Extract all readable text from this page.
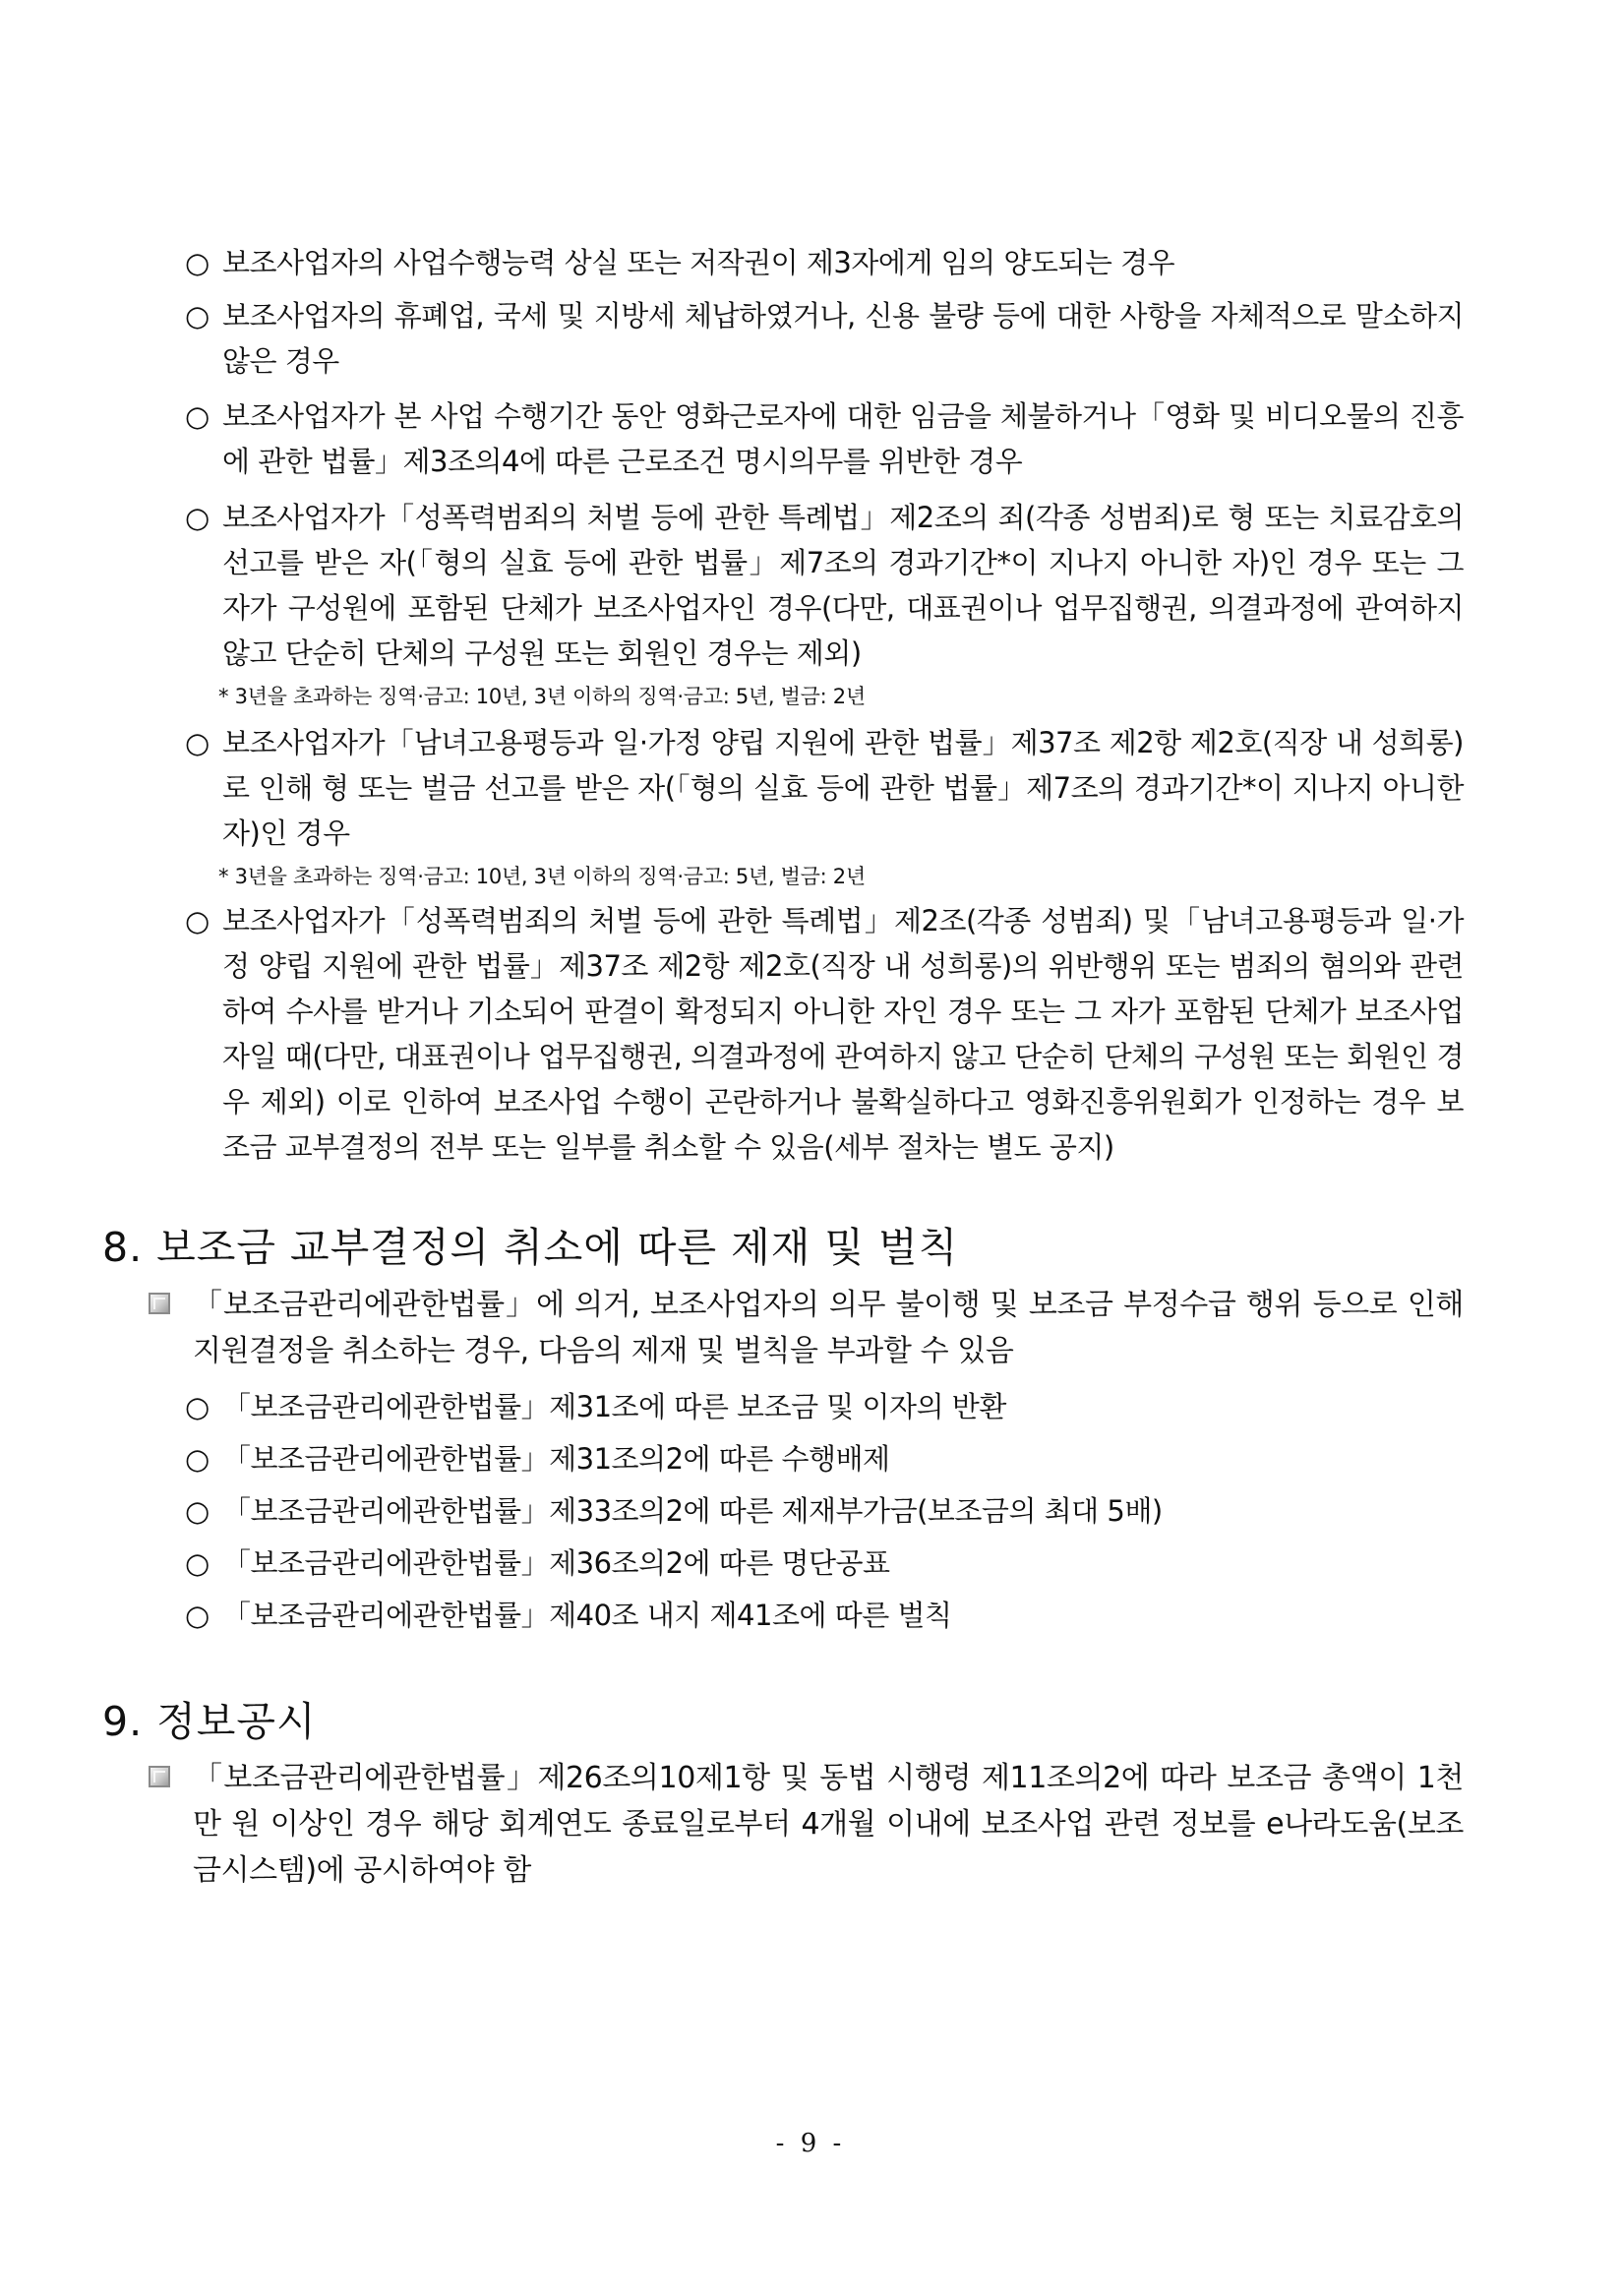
○ 보조사업자의 사업수행능력 상실 또는 저작권이 제3자에게 임의 양도되는 경우
○ 보조사업자의 휴폐업, 국세 및 지방세 체납하였거나, 신용 불량 등에 대한 사항을 자체적으로 말소하지 않은 경우
○ 보조사업자가 본 사업 수행기간 동안 영화근로자에 대한 임금을 체불하거나「영화 및 비디오물의 진흥에 관한 법률」제3조의4에 따른 근로조건 명시의무를 위반한 경우
○ 보조사업자가「성폭력범죄의 처벌 등에 관한 특례법」제2조의 죄(각종 성범죄)로 형 또는 치료감호의 선고를 받은 자(「형의 실효 등에 관한 법률」제7조의 경과기간*이 지나지 아니한 자)인 경우 또는 그 자가 구성원에 포함된 단체가 보조사업자인 경우(다만, 대표권이나 업무집행권, 의결과정에 관여하지 않고 단순히 단체의 구성원 또는 회원인 경우는 제외)
* 3년을 초과하는 징역·금고: 10년, 3년 이하의 징역·금고: 5년, 벌금: 2년
○ 보조사업자가「남녀고용평등과 일·가정 양립 지원에 관한 법률」제37조 제2항 제2호(직장 내 성희롱)로 인해 형 또는 벌금 선고를 받은 자(「형의 실효 등에 관한 법률」제7조의 경과기간*이 지나지 아니한 자)인 경우
* 3년을 초과하는 징역·금고: 10년, 3년 이하의 징역·금고: 5년, 벌금: 2년
○ 보조사업자가「성폭력범죄의 처벌 등에 관한 특례법」제2조(각종 성범죄) 및「남녀고용평등과 일·가정 양립 지원에 관한 법률」제37조 제2항 제2호(직장 내 성희롱)의 위반행위 또는 범죄의 혐의와 관련하여 수사를 받거나 기소되어 판결이 확정되지 아니한 자인 경우 또는 그 자가 포함된 단체가 보조사업자일 때(다만, 대표권이나 업무집행권, 의결과정에 관여하지 않고 단순히 단체의 구성원 또는 회원인 경우 제외) 이로 인하여 보조사업 수행이 곤란하거나 불확실하다고 영화진흥위원회가 인정하는 경우 보조금 교부결정의 전부 또는 일부를 취소할 수 있음(세부 절차는 별도 공지)
8. 보조금 교부결정의 취소에 따른 제재 및 벌칙
「보조금관리에관한법률」에 의거, 보조사업자의 의무 불이행 및 보조금 부정수급 행위 등으로 인해 지원결정을 취소하는 경우, 다음의 제재 및 벌칙을 부과할 수 있음
○ 「보조금관리에관한법률」제31조에 따른 보조금 및 이자의 반환
○ 「보조금관리에관한법률」제31조의2에 따른 수행배제
○ 「보조금관리에관한법률」제33조의2에 따른 제재부가금(보조금의 최대 5배)
○ 「보조금관리에관한법률」제36조의2에 따른 명단공표
○ 「보조금관리에관한법률」제40조 내지 제41조에 따른 벌칙
9. 정보공시
「보조금관리에관한법률」제26조의10제1항 및 동법 시행령 제11조의2에 따라 보조금 총액이 1천만 원 이상인 경우 해당 회계연도 종료일로부터 4개월 이내에 보조사업 관련 정보를 e나라도움(보조금시스템)에 공시하여야 함
- 9 -
